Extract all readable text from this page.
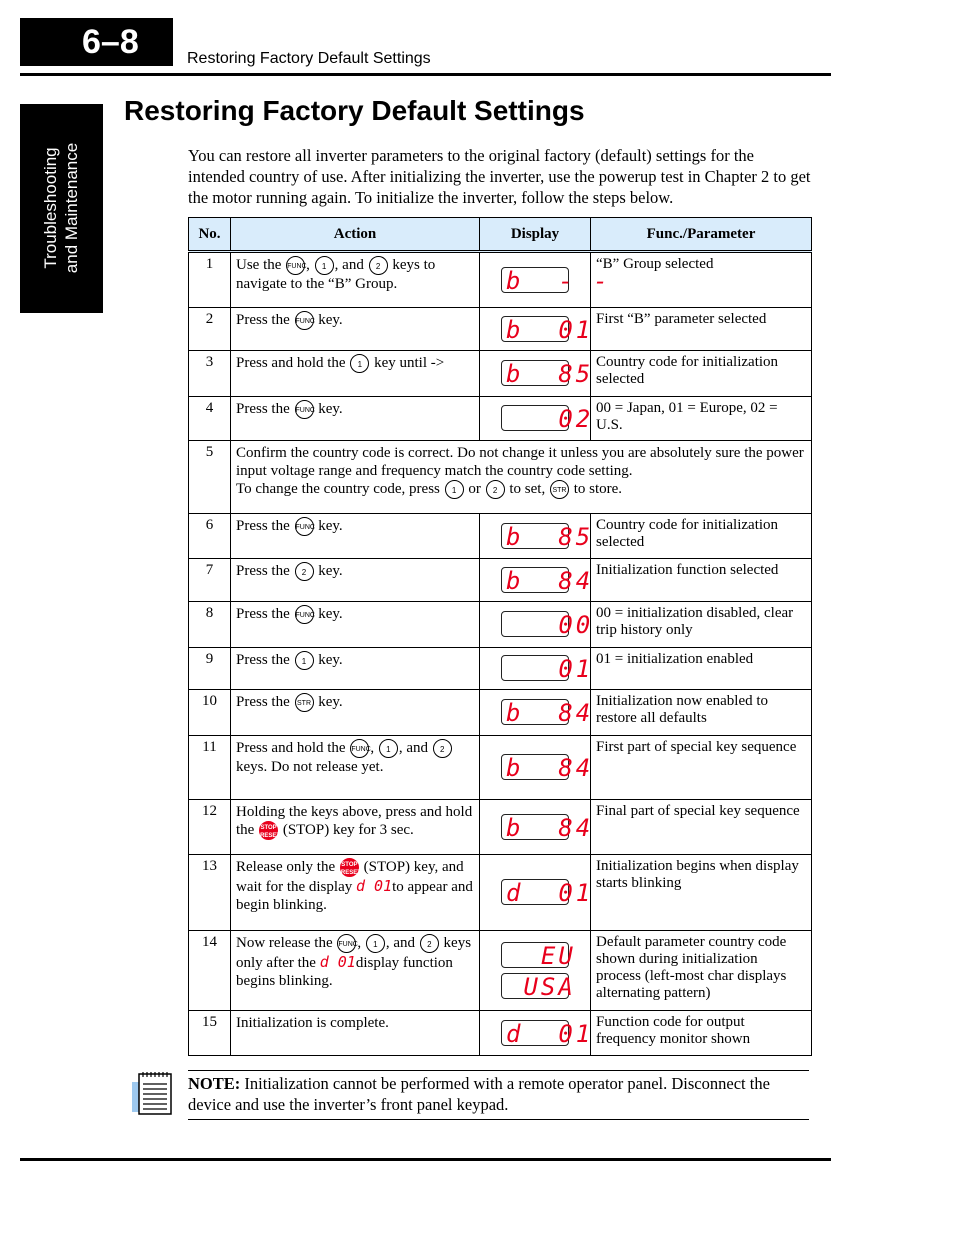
6–8	Restoring Factory Default Settings
Troubleshooting and Maintenance
Restoring Factory Default Settings

You can restore all inverter parameters to the original factory (default) settings for the intended country of use. After initializing the inverter, use the powerup test in Chapter 2 to get the motor running again. To initialize the inverter, follow the steps below.

No.	Action	Display	Func./Parameter
1	Use the FUNC, 1 , and 2 keys to navigate to the “B” Group.	b  - -	“B” Group selected
2	Press the FUNC key.	b  01	First “B” parameter selected
3	Press and hold the 1 key until ->	b  85	Country code for initialization selected
4	Press the FUNC key.	02	00 = Japan, 01 = Europe, 02 = U.S.
5	Confirm the country code is correct. Do not change it unless you are absolutely sure the power input voltage range and frequency match the country code setting.
To change the country code, press 1 or 2 to set, STR to store.		
6	Press the FUNC key.	b  85	Country code for initialization selected
7	Press the 2 key.	b  84	Initialization function selected
8	Press the FUNC key.	00	00 = initialization disabled, clear trip history only
9	Press the 1 key.	01	01 = initialization enabled
10	Press the STR key.	b  84	Initialization now enabled to restore all defaults
11	Press and hold the FUNC, 1 , and 2 keys. Do not release yet.	b  84	First part of special key sequence
12	Holding the keys above, press and hold the STOP
RESET (STOP) key for 3 sec.	b  84	Final part of special key sequence
13	Release only the STOP
RESET (STOP) key, and wait for the display d 01to appear and begin blinking.	d  01	Initialization begins when display starts blinking
14	Now release the FUNC, 1 , and 2 keys only after the d 01display function begins blinking.	EU USA	Default parameter country code shown during initialization process (left-most char displays alternating pattern)
15	Initialization is complete.	d  01	Function code for output frequency monitor shown

NOTE: Initialization cannot be performed with a remote operator panel. Disconnect the device and use the inverter’s front panel keypad.
